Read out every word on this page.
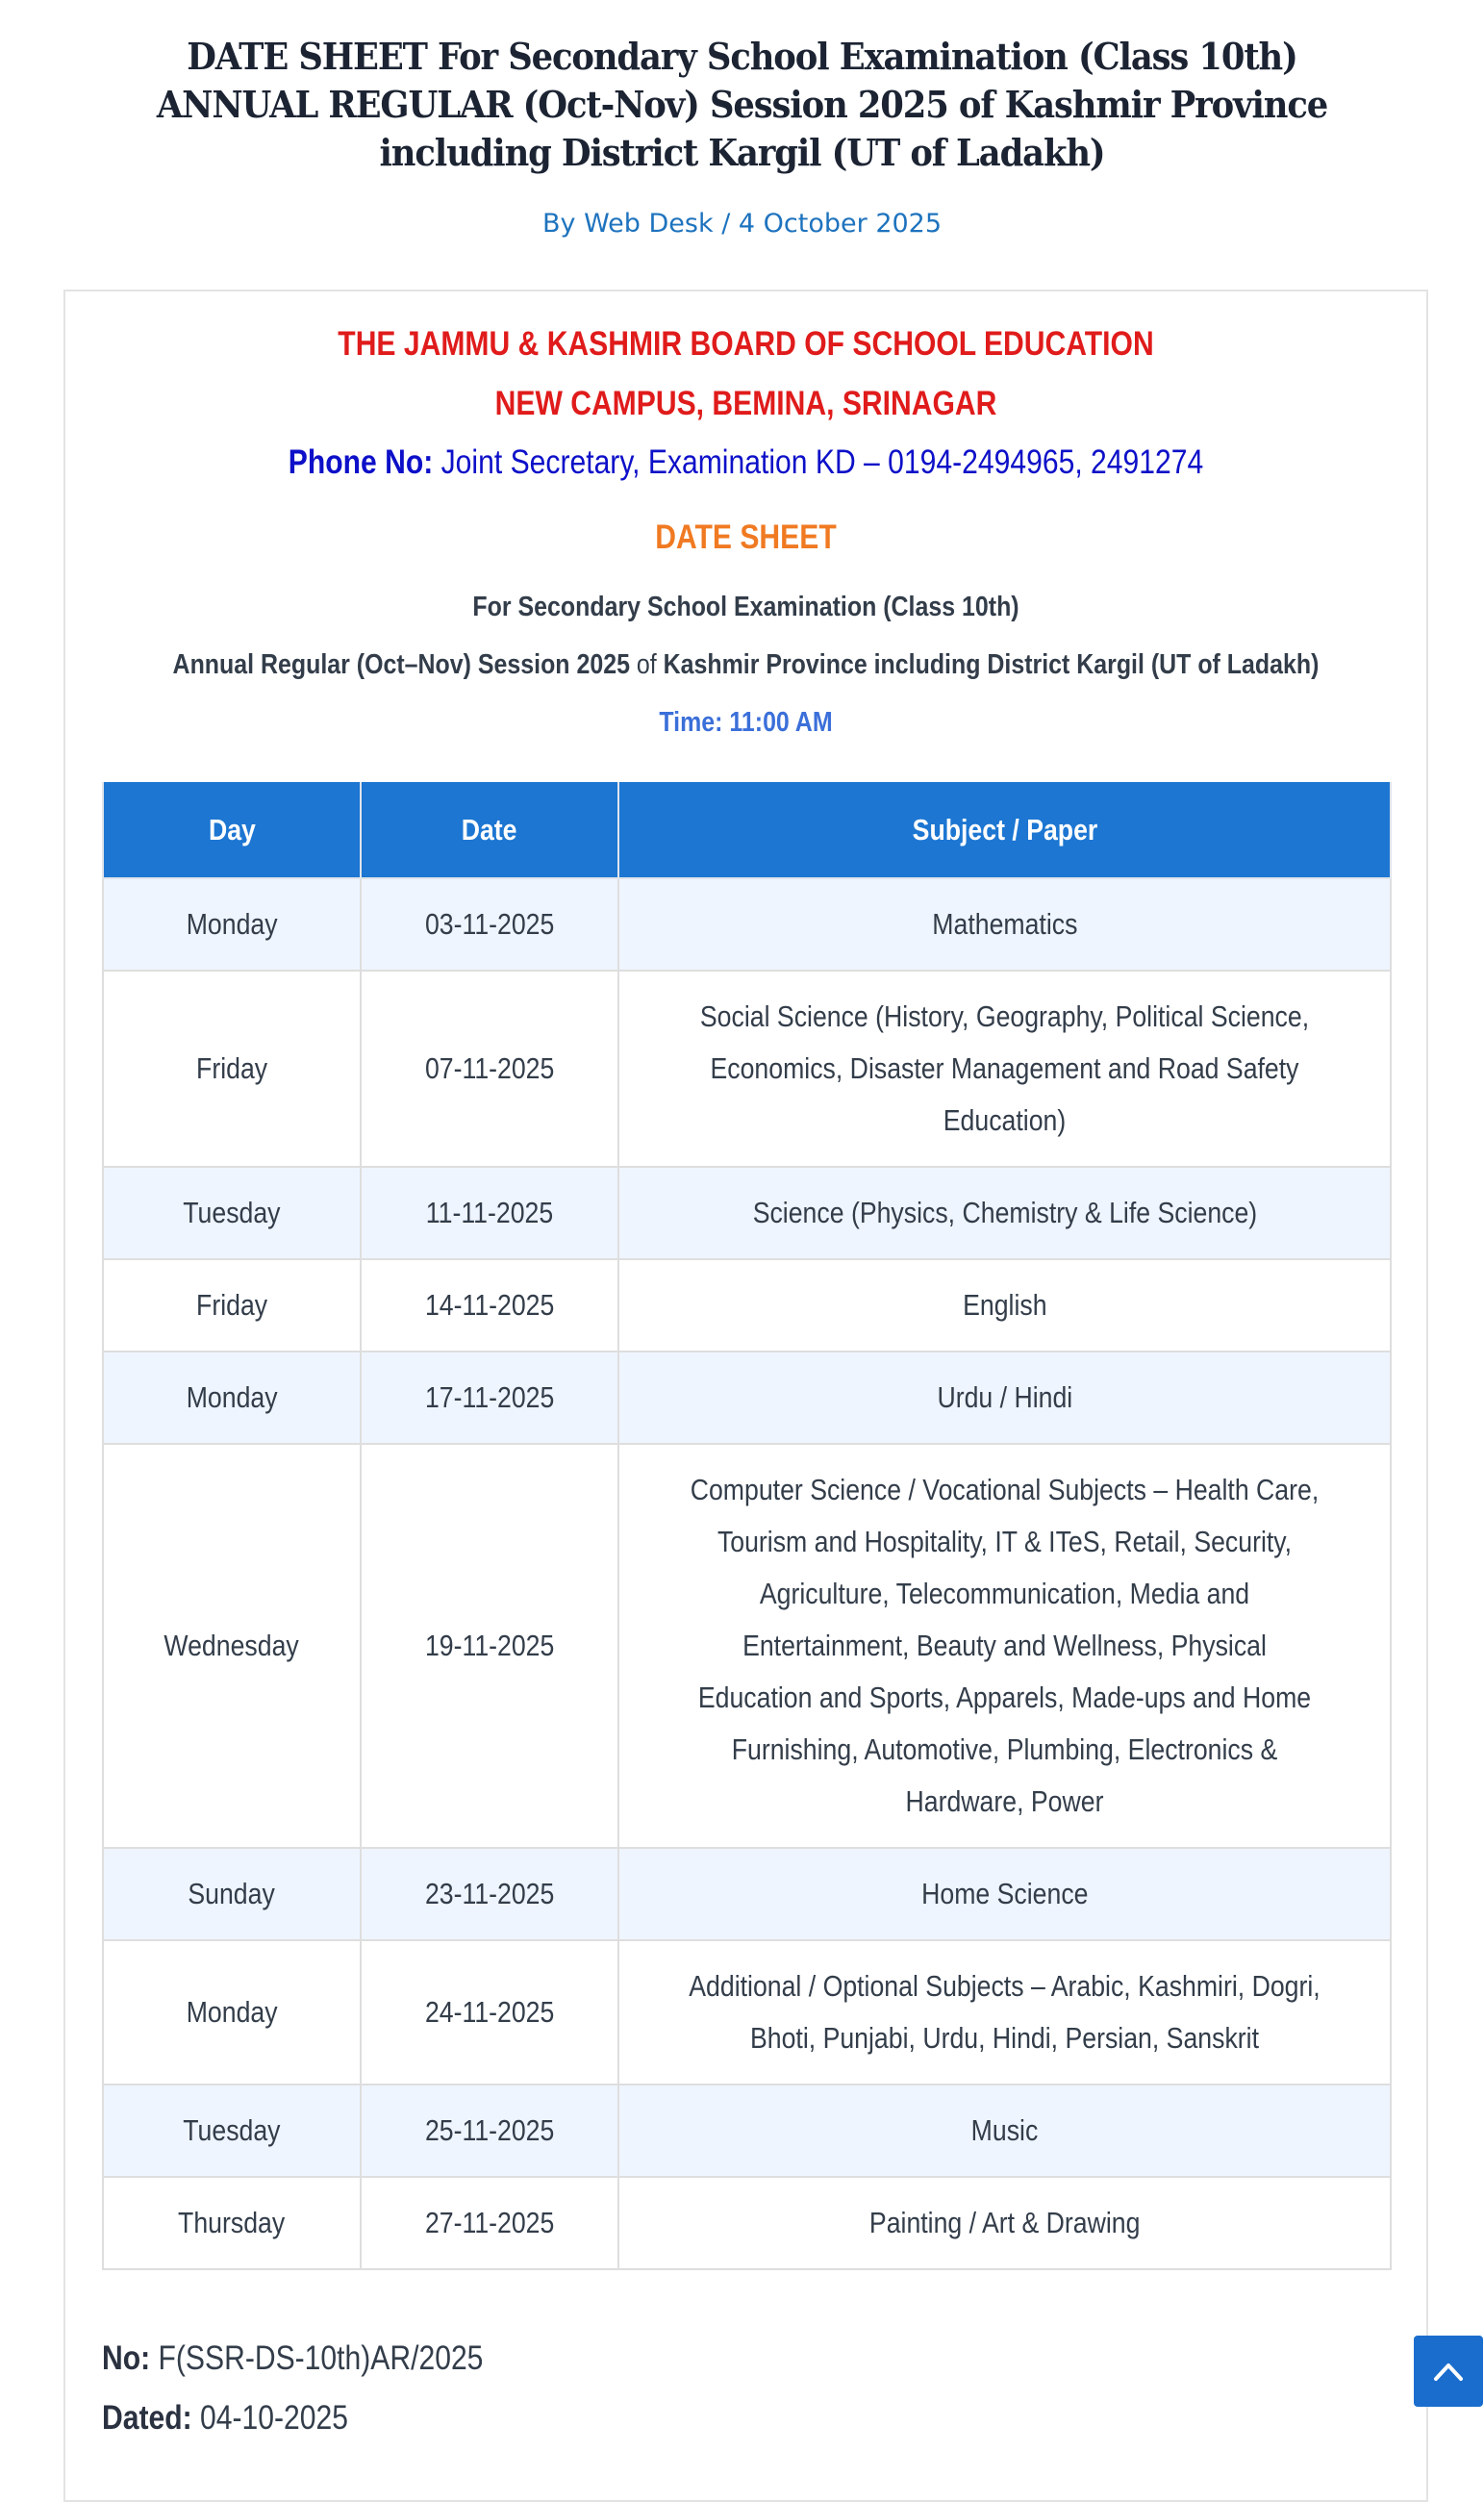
DATE SHEET For Secondary School Examination (Class 10th) ANNUAL REGULAR (Oct-Nov) Session 2025 of Kashmir Province including District Kargil (UT of Ladakh)
By Web Desk / 4 October 2025
THE JAMMU & KASHMIR BOARD OF SCHOOL EDUCATION
NEW CAMPUS, BEMINA, SRINAGAR
Phone No: Joint Secretary, Examination KD – 0194-2494965, 2491274
DATE SHEET
For Secondary School Examination (Class 10th)
Annual Regular (Oct–Nov) Session 2025 of Kashmir Province including District Kargil (UT of Ladakh)
Time: 11:00 AM
Day	Date	Subject / Paper
Monday	03-11-2025	Mathematics
Friday	07-11-2025	Social Science (History, Geography, Political Science, Economics, Disaster Management and Road Safety Education)
Tuesday	11-11-2025	Science (Physics, Chemistry & Life Science)
Friday	14-11-2025	English
Monday	17-11-2025	Urdu / Hindi
Wednesday	19-11-2025	Computer Science / Vocational Subjects – Health Care, Tourism and Hospitality, IT & ITeS, Retail, Security, Agriculture, Telecommunication, Media and Entertainment, Beauty and Wellness, Physical Education and Sports, Apparels, Made-ups and Home Furnishing, Automotive, Plumbing, Electronics & Hardware, Power
Sunday	23-11-2025	Home Science
Monday	24-11-2025	Additional / Optional Subjects – Arabic, Kashmiri, Dogri, Bhoti, Punjabi, Urdu, Hindi, Persian, Sanskrit
Tuesday	25-11-2025	Music
Thursday	27-11-2025	Painting / Art & Drawing
No: F(SSR-DS-10th)AR/2025
Dated: 04-10-2025
